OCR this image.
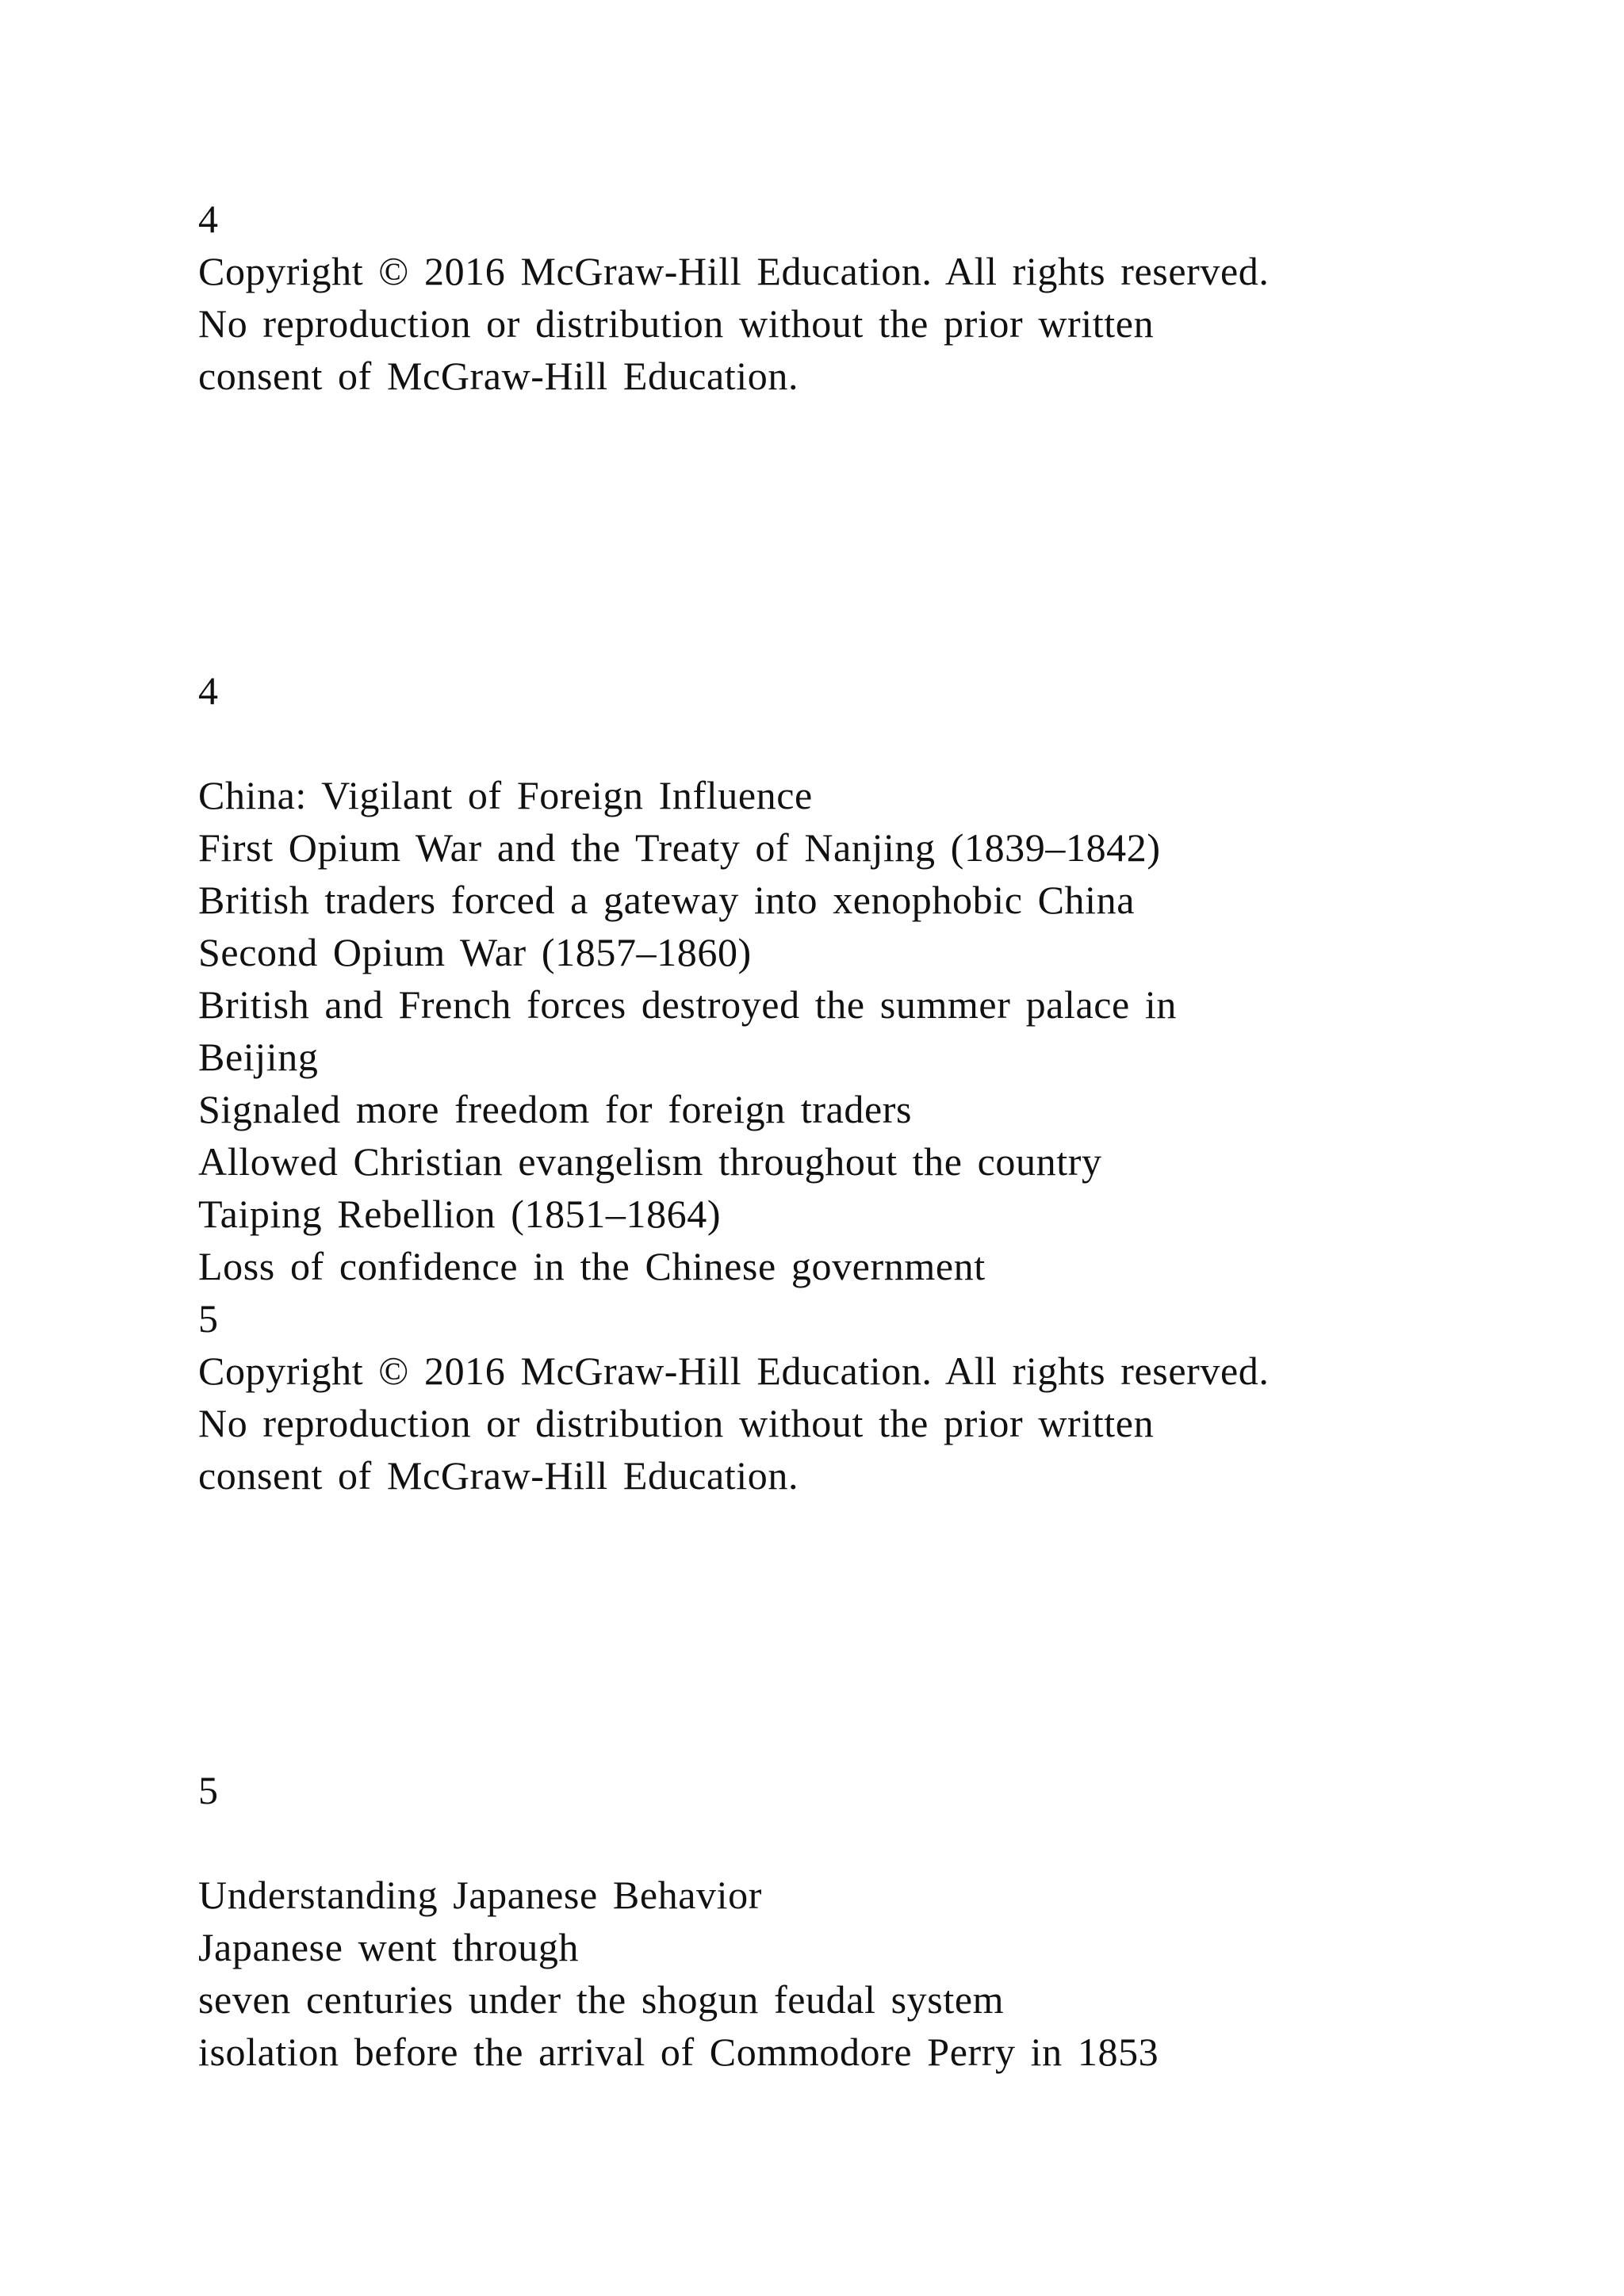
4

Copyright © 2016 McGraw-Hill Education. All rights reserved.

No reproduction or distribution without the prior written

consent of McGraw-Hill Education.

4

China: Vigilant of Foreign Influence

First Opium War and the Treaty of Nanjing (1839–1842)

British traders forced a gateway into xenophobic China

Second Opium War (1857–1860)

British and French forces destroyed the summer palace in

Beijing

Signaled more freedom for foreign traders

Allowed Christian evangelism throughout the country

Taiping Rebellion (1851–1864)

Loss of confidence in the Chinese government

5

Copyright © 2016 McGraw-Hill Education. All rights reserved.

No reproduction or distribution without the prior written

consent of McGraw-Hill Education.

5

Understanding Japanese Behavior

Japanese went through

seven centuries under the shogun feudal system

isolation before the arrival of Commodore Perry in 1853
